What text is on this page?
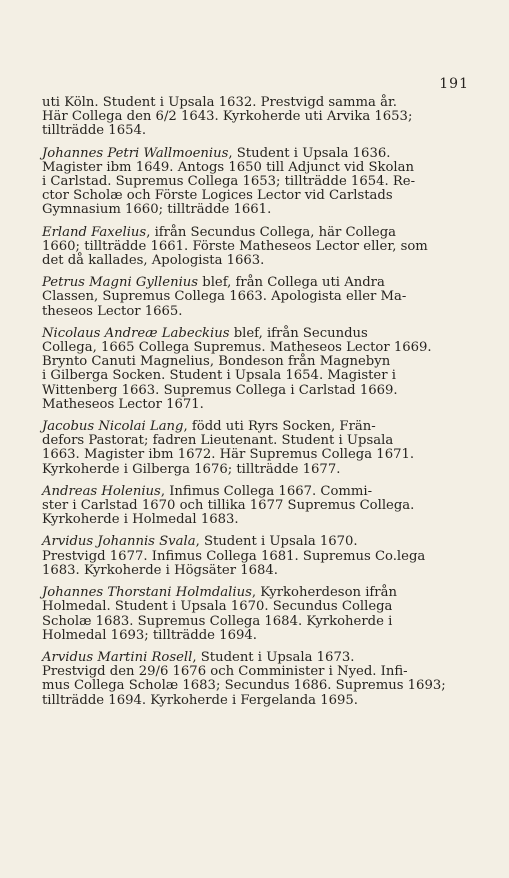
191
uti Köln. Student i Upsala 1632. Prestvigd samma år.
Här Collega den 6/2 1643. Kyrkoherde uti Arvika 1653;
tillträdde 1654.
Johannes Petri Wallmoenius, Student i Upsala 1636.
Magister ibm 1649. Antogs 1650 till Adjunct vid Skolan
i Carlstad. Supremus Collega 1653; tillträdde 1654. Re-
ctor Scholæ och Förste Logices Lector vid Carlstads
Gymnasium 1660; tillträdde 1661.
Erland Faxelius, ifrån Secundus Collega, här Collega
1660; tillträdde 1661. Förste Matheseos Lector eller, som
det då kallades, Apologista 1663.
Petrus Magni Gyllenius blef, från Collega uti Andra
Classen, Supremus Collega 1663. Apologista eller Ma-
theseos Lector 1665.
Nicolaus Andreæ Labeckius blef, ifrån Secundus
Collega, 1665 Collega Supremus. Matheseos Lector 1669.
Brynto Canuti Magnelius, Bondeson från Magnebyn
i Gilberga Socken. Student i Upsala 1654. Magister i
Wittenberg 1663. Supremus Collega i Carlstad 1669.
Matheseos Lector 1671.
Jacobus Nicolai Lang, född uti Ryrs Socken, Frän-
defors Pastorat; fadren Lieutenant. Student i Upsala
1663. Magister ibm 1672. Här Supremus Collega 1671.
Kyrkoherde i Gilberga 1676; tillträdde 1677.
Andreas Holenius, Infimus Collega 1667. Commi-
ster i Carlstad 1670 och tillika 1677 Supremus Collega.
Kyrkoherde i Holmedal 1683.
Arvidus Johannis Svala, Student i Upsala 1670.
Prestvigd 1677. Infimus Collega 1681. Supremus Co.lega
1683. Kyrkoherde i Högsäter 1684.
Johannes Thorstani Holmdalius, Kyrkoherdeson ifrån
Holmedal. Student i Upsala 1670. Secundus Collega
Scholæ 1683. Supremus Collega 1684. Kyrkoherde i
Holmedal 1693; tillträdde 1694.
Arvidus Martini Rosell, Student i Upsala 1673.
Prestvigd den 29/6 1676 och Comminister i Nyed. Infi-
mus Collega Scholæ 1683; Secundus 1686. Supremus 1693;
tillträdde 1694. Kyrkoherde i Fergelanda 1695.
